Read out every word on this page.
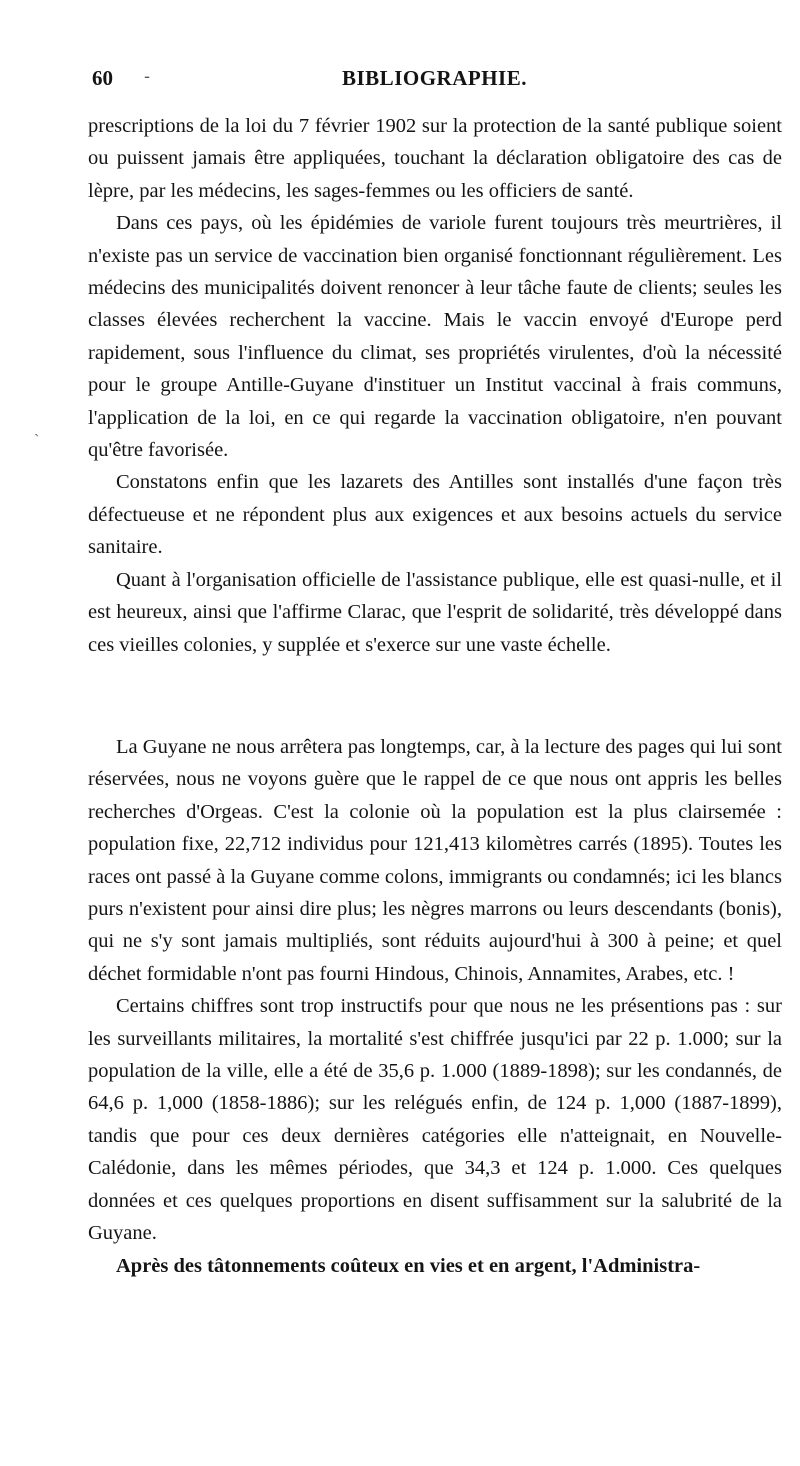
60 -	BIBLIOGRAPHIE.
ˎ

prescriptions de la loi du 7 février 1902 sur la protection de la santé publique soient ou puissent jamais être appliquées, touchant la déclaration obligatoire des cas de lèpre, par les médecins, les sages-femmes ou les officiers de santé.

Dans ces pays, où les épidémies de variole furent toujours très meurtrières, il n'existe pas un service de vaccination bien organisé fonctionnant régulièrement. Les médecins des municipalités doivent renoncer à leur tâche faute de clients; seules les classes élevées recherchent la vaccine. Mais le vaccin envoyé d'Europe perd rapidement, sous l'influence du climat, ses propriétés virulentes, d'où la nécessité pour le groupe Antille-Guyane d'instituer un Institut vaccinal à frais communs, l'application de la loi, en ce qui regarde la vaccination obligatoire, n'en pouvant qu'être favorisée.

Constatons enfin que les lazarets des Antilles sont installés d'une façon très défectueuse et ne répondent plus aux exigences et aux besoins actuels du service sanitaire.

Quant à l'organisation officielle de l'assistance publique, elle est quasi-nulle, et il est heureux, ainsi que l'affirme Clarac, que l'esprit de solidarité, très développé dans ces vieilles colonies, y supplée et s'exerce sur une vaste échelle.

La Guyane ne nous arrêtera pas longtemps, car, à la lecture des pages qui lui sont réservées, nous ne voyons guère que le rappel de ce que nous ont appris les belles recherches d'Orgeas. C'est la colonie où la population est la plus clairsemée : population fixe, 22,712 individus pour 121,413 kilomètres carrés (1895). Toutes les races ont passé à la Guyane comme colons, immigrants ou condamnés; ici les blancs purs n'existent pour ainsi dire plus; les nègres marrons ou leurs descendants (bonis), qui ne s'y sont jamais multipliés, sont réduits aujourd'hui à 300 à peine; et quel déchet formidable n'ont pas fourni Hindous, Chinois, Annamites, Arabes, etc. !

Certains chiffres sont trop instructifs pour que nous ne les présentions pas : sur les surveillants militaires, la mortalité s'est chiffrée jusqu'ici par 22 p. 1.000; sur la population de la ville, elle a été de 35,6 p. 1.000 (1889-1898); sur les condannés, de 64,6 p. 1,000 (1858-1886); sur les relégués enfin, de 124 p. 1,000 (1887-1899), tandis que pour ces deux dernières catégories elle n'atteignait, en Nouvelle-Calédonie, dans les mêmes périodes, que 34,3 et 124 p. 1.000. Ces quelques données et ces quelques proportions en disent suffisamment sur la salubrité de la Guyane.

Après des tâtonnements coûteux en vies et en argent, l'Administra-
